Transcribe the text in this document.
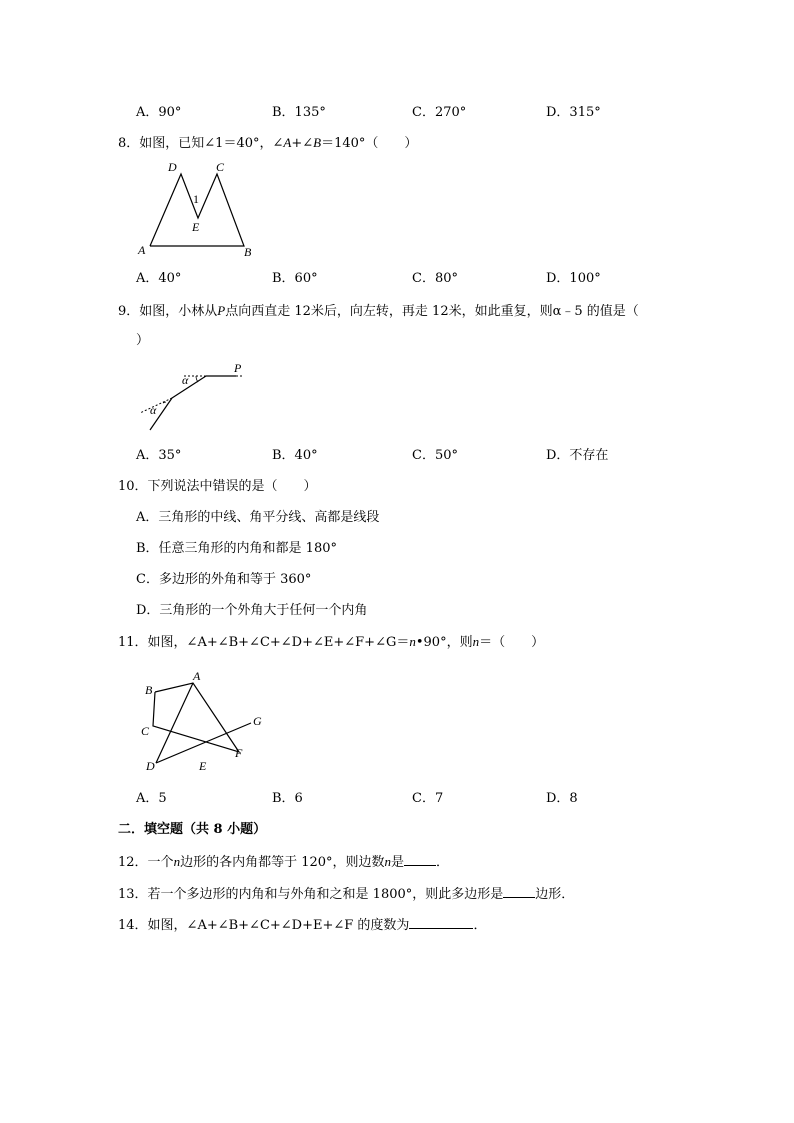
A．90°	B．135°	C．270°	D．315°
8．如图，已知∠1＝40°，∠A+∠B＝140°（　　）
D	C
1
E
A	B
A．40°	B．60°	C．80°	D．100°
9．如图，小林从P点向西直走 12米后，向左转，再走 12米，如此重复，则α﹣5 的值是（
）
P
α
α
A．35°	B．40°	C．50°	D．不存在
10．下列说法中错误的是（　　）
A．三角形的中线、角平分线、高都是线段
B．任意三角形的内角和都是 180°
C．多边形的外角和等于 360°
D．三角形的一个外角大于任何一个内角
11．如图，∠A+∠B+∠C+∠D+∠E+∠F+∠G＝n•90°，则n＝（　　）
A
B
C
D	E
F
G
A．5	B．6	C．7	D．8
二．填空题（共 8 小题）
12．一个n边形的各内角都等于 120°，则边数n是 ．
13．若一个多边形的内角和与外角和之和是 1800°，则此多边形是 边形．
14．如图，∠A+∠B+∠C+∠D+E+∠F 的度数为	．
